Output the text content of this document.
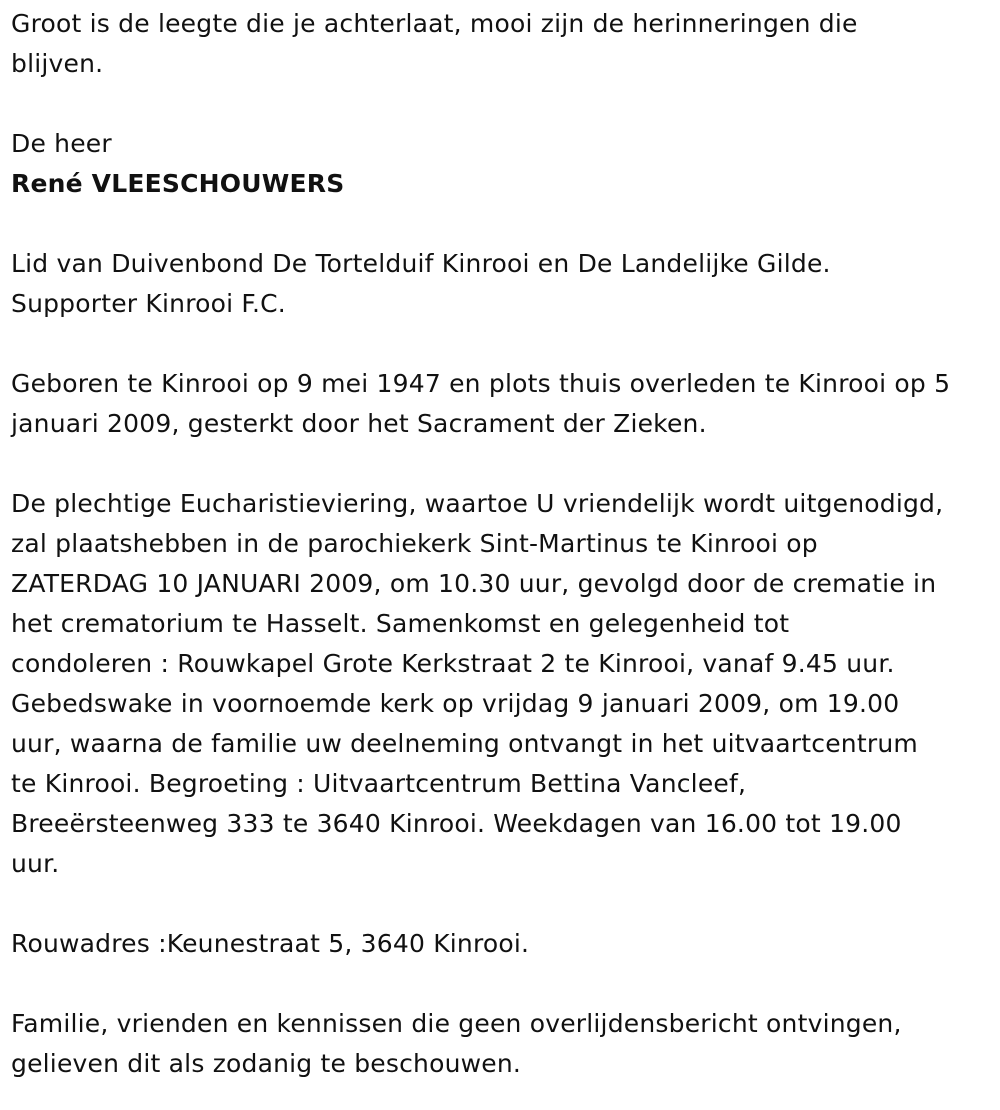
Groot is de leegte die je achterlaat, mooi zijn de herinneringen die
blijven.

De heer
René VLEESCHOUWERS

Lid van Duivenbond De Tortelduif Kinrooi en De Landelijke Gilde.
Supporter Kinrooi F.C.

Geboren te Kinrooi op 9 mei 1947 en plots thuis overleden te Kinrooi op 5
januari 2009, gesterkt door het Sacrament der Zieken.

De plechtige Eucharistieviering, waartoe U vriendelijk wordt uitgenodigd,
zal plaatshebben in de parochiekerk Sint-Martinus te Kinrooi op
ZATERDAG 10 JANUARI 2009, om 10.30 uur, gevolgd door de crematie in
het crematorium te Hasselt. Samenkomst en gelegenheid tot
condoleren : Rouwkapel Grote Kerkstraat 2 te Kinrooi, vanaf 9.45 uur.
Gebedswake in voornoemde kerk op vrijdag 9 januari 2009, om 19.00
uur, waarna de familie uw deelneming ontvangt in het uitvaartcentrum
te Kinrooi. Begroeting : Uitvaartcentrum Bettina Vancleef,
Breeërsteenweg 333 te 3640 Kinrooi. Weekdagen van 16.00 tot 19.00
uur.

Rouwadres :Keunestraat 5, 3640 Kinrooi.

Familie, vrienden en kennissen die geen overlijdensbericht ontvingen,
gelieven dit als zodanig te beschouwen.
